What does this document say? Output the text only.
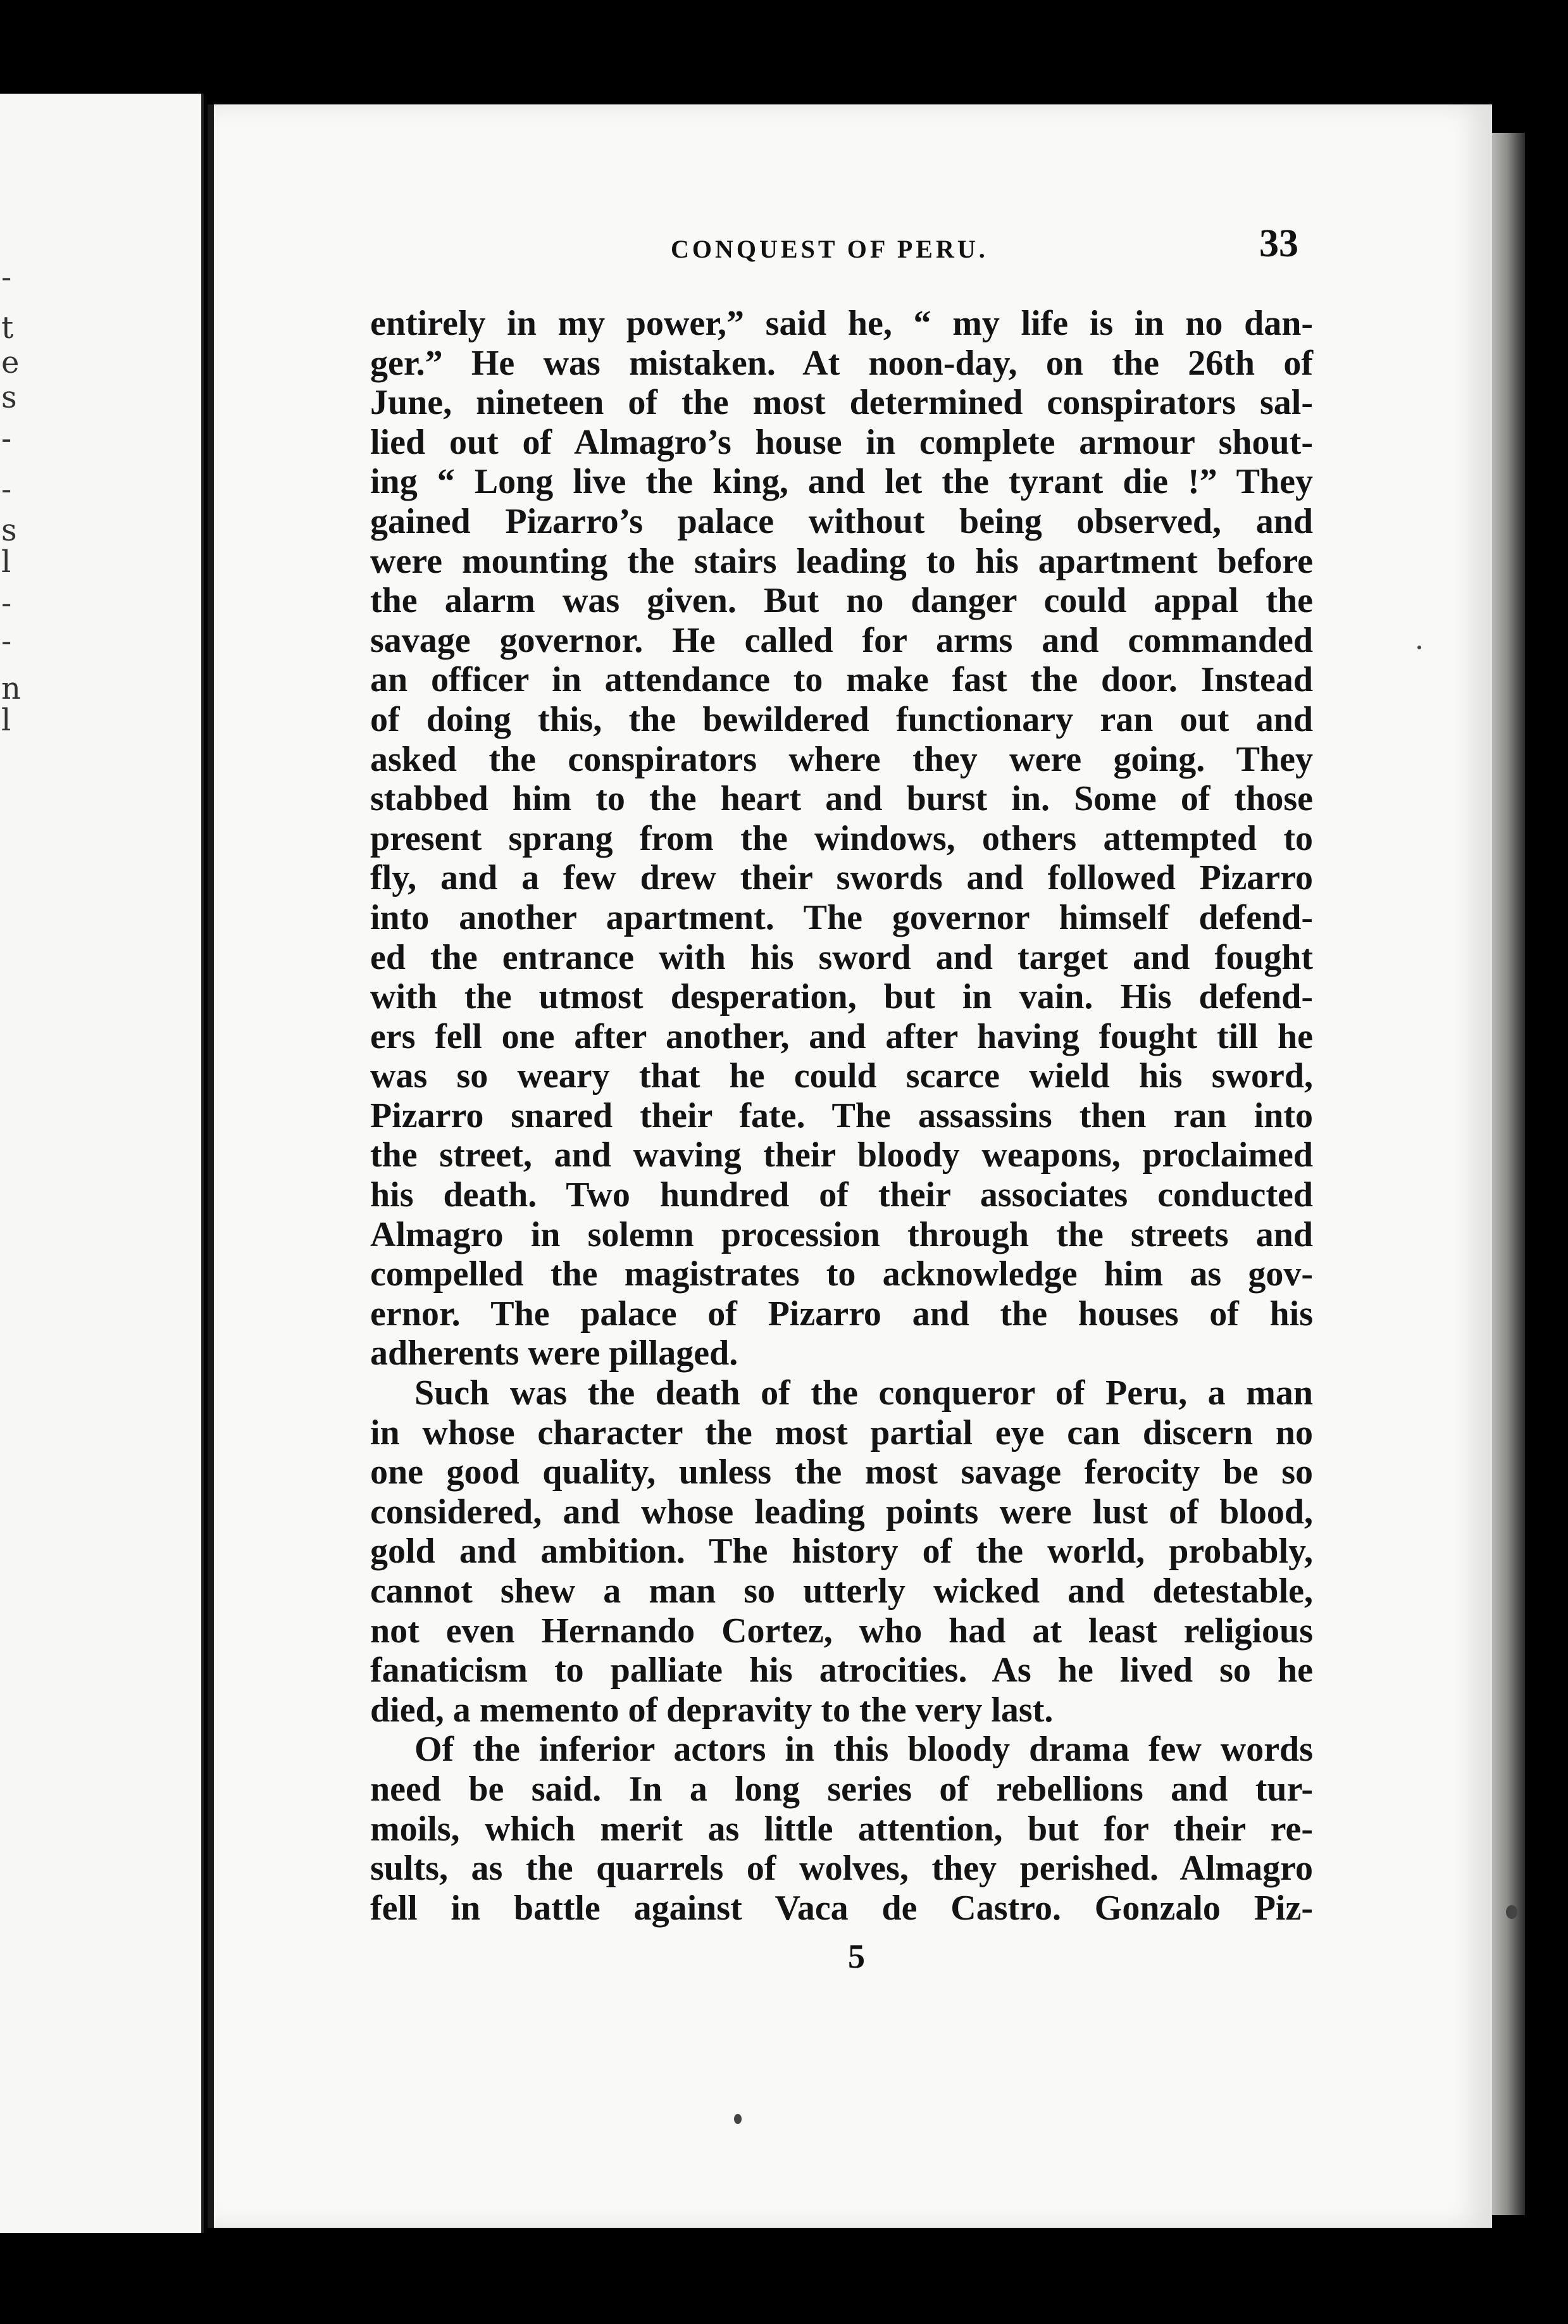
-
t
e
s
-
-
s
l
-
-
n
l
CONQUEST OF PERU.	33
entirely in my power,” said he, “ my life is in no dan-
ger.” He was mistaken. At noon-day, on the 26th of
June, nineteen of the most determined conspirators sal-
lied out of Almagro’s house in complete armour shout-
ing “ Long live the king, and let the tyrant die !” They
gained Pizarro’s palace without being observed, and
were mounting the stairs leading to his apartment before
the alarm was given. But no danger could appal the
savage governor. He called for arms and commanded
an officer in attendance to make fast the door. Instead
of doing this, the bewildered functionary ran out and
asked the conspirators where they were going. They
stabbed him to the heart and burst in. Some of those
present sprang from the windows, others attempted to
fly, and a few drew their swords and followed Pizarro
into another apartment. The governor himself defend-
ed the entrance with his sword and target and fought
with the utmost desperation, but in vain. His defend-
ers fell one after another, and after having fought till he
was so weary that he could scarce wield his sword,
Pizarro snared their fate. The assassins then ran into
the street, and waving their bloody weapons, proclaimed
his death. Two hundred of their associates conducted
Almagro in solemn procession through the streets and
compelled the magistrates to acknowledge him as gov-
ernor. The palace of Pizarro and the houses of his
adherents were pillaged.
Such was the death of the conqueror of Peru, a man
in whose character the most partial eye can discern no
one good quality, unless the most savage ferocity be so
considered, and whose leading points were lust of blood,
gold and ambition. The history of the world, probably,
cannot shew a man so utterly wicked and detestable,
not even Hernando Cortez, who had at least religious
fanaticism to palliate his atrocities. As he lived so he
died, a memento of depravity to the very last.
Of the inferior actors in this bloody drama few words
need be said. In a long series of rebellions and tur-
moils, which merit as little attention, but for their re-
sults, as the quarrels of wolves, they perished. Almagro
fell in battle against Vaca de Castro. Gonzalo Piz-
5
